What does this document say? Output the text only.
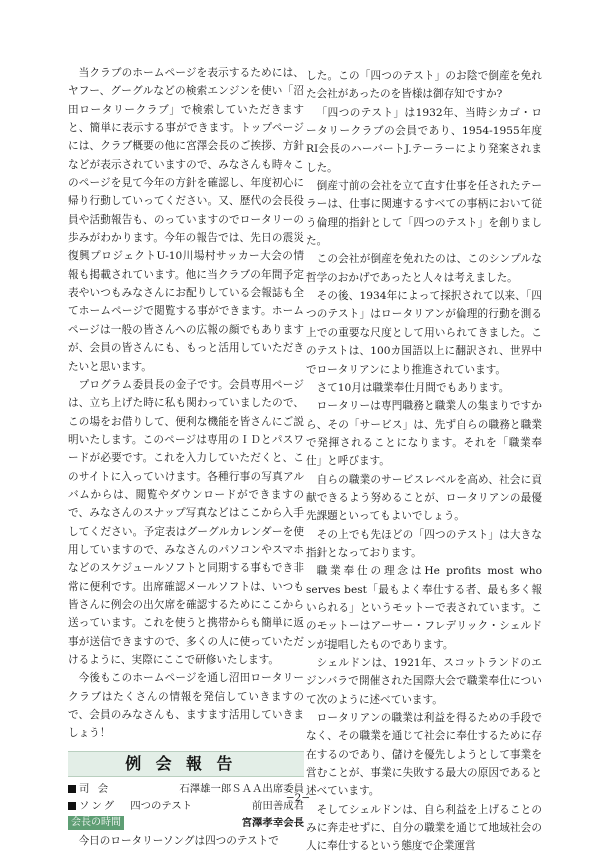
当クラブのホームページを表示するためには、ヤフー、グーグルなどの検索エンジンを使い「沼田ロータリークラブ」で検索していただきますと、簡単に表示する事ができます。トップページには、クラブ概要の他に宮澤会長のご挨拶、方針などが表示されていますので、みなさんも時々このページを見て今年の方針を確認し、年度初心に帰り行動していってください。又、歴代の会長役員や活動報告も、のっていますのでロータリーの歩みがわかります。今年の報告では、先日の震災復興プロジェクトU-10川場村サッカー大会の情報も掲載されています。他に当クラブの年間予定表やいつもみなさんにお配りしている会報誌も全てホームページで閲覧する事ができます。ホームページは一般の皆さんへの広報の顔でもありますが、会員の皆さんにも、もっと活用していただきたいと思います。

プログラム委員長の金子です。会員専用ページは、立ち上げた時に私も関わっていましたので、この場をお借りして、便利な機能を皆さんにご説明いたします。このページは専用のＩＤとパスワードが必要です。これを入力していただくと、このサイトに入っていけます。各種行事の写真アルバムからは、閲覧やダウンロードができますので、みなさんのスナップ写真などはここから入手してください。予定表はグーグルカレンダーを使用していますので、みなさんのパソコンやスマホなどのスケジュールソフトと同期する事もでき非常に便利です。出席確認メールソフトは、いつも皆さんに例会の出欠席を確認するためにここから送っています。これを使うと携帯からも簡単に返事が送信できますので、多くの人に使っていただけるように、実際にここで研修いたします。

今後もこのホームページを通し沼田ロータリークラブはたくさんの情報を発信していきますので、会員のみなさんも、ますます活用していきましょう！

例会報告
司会	石澤雄一郎ＳＡＡ出席委員
ソング	四つのテスト	前田善成君
会長の時間	宮澤孝幸会長

今日のロータリーソングは四つのテストで

した。この「四つのテスト」のお陰で倒産を免れた会社があったのを皆様は御存知ですか?

「四つのテスト」は1932年、当時シカゴ・ロータリークラブの会員であり、1954-1955年度RI会長のハーバートJ.テーラーにより発案されました。

倒産寸前の会社を立て直す仕事を任されたテーラーは、仕事に関連するすべての事柄において従う倫理的指針として「四つのテスト」を創りました。

この会社が倒産を免れたのは、このシンプルな哲学のおかげであったと人々は考えました。

その後、1934年によって採択されて以来、「四つのテスト」はロータリアンが倫理的行動を測る上での重要な尺度として用いられてきました。このテストは、100カ国語以上に翻訳され、世界中でロータリアンにより推進されています。

さて10月は職業奉仕月間でもあります。

ロータリーは専門職務と職業人の集まりですから、その「サービス」は、先ず自らの職務と職業で発揮されることになります。それを「職業奉仕」と呼びます。

自らの職業のサービスレベルを高め、社会に貢献できるよう努めることが、ロータリアンの最優先課題といってもよいでしょう。

その上でも先ほどの「四つのテスト」は大きな指針となっております。

職業奉仕の理念はHe profits most who serves best「最もよく奉仕する者、最も多く報いられる」というモットーで表されています。このモットーはアーサー・フレデリック・シェルドンが提唱したものであります。

シェルドンは、1921年、スコットランドのエジンバラで開催された国際大会で職業奉仕について次のように述べています。

ロータリアンの職業は利益を得るための手段でなく、その職業を通じて社会に奉仕するために存在するのであり、儲けを優先しようとして事業を営むことが、事業に失敗する最大の原因であると述べています。

そしてシェルドンは、自ら利益を上げることのみに奔走せずに、自分の職業を通じて地域社会の人に奉仕するという態度で企業運営

−2−
